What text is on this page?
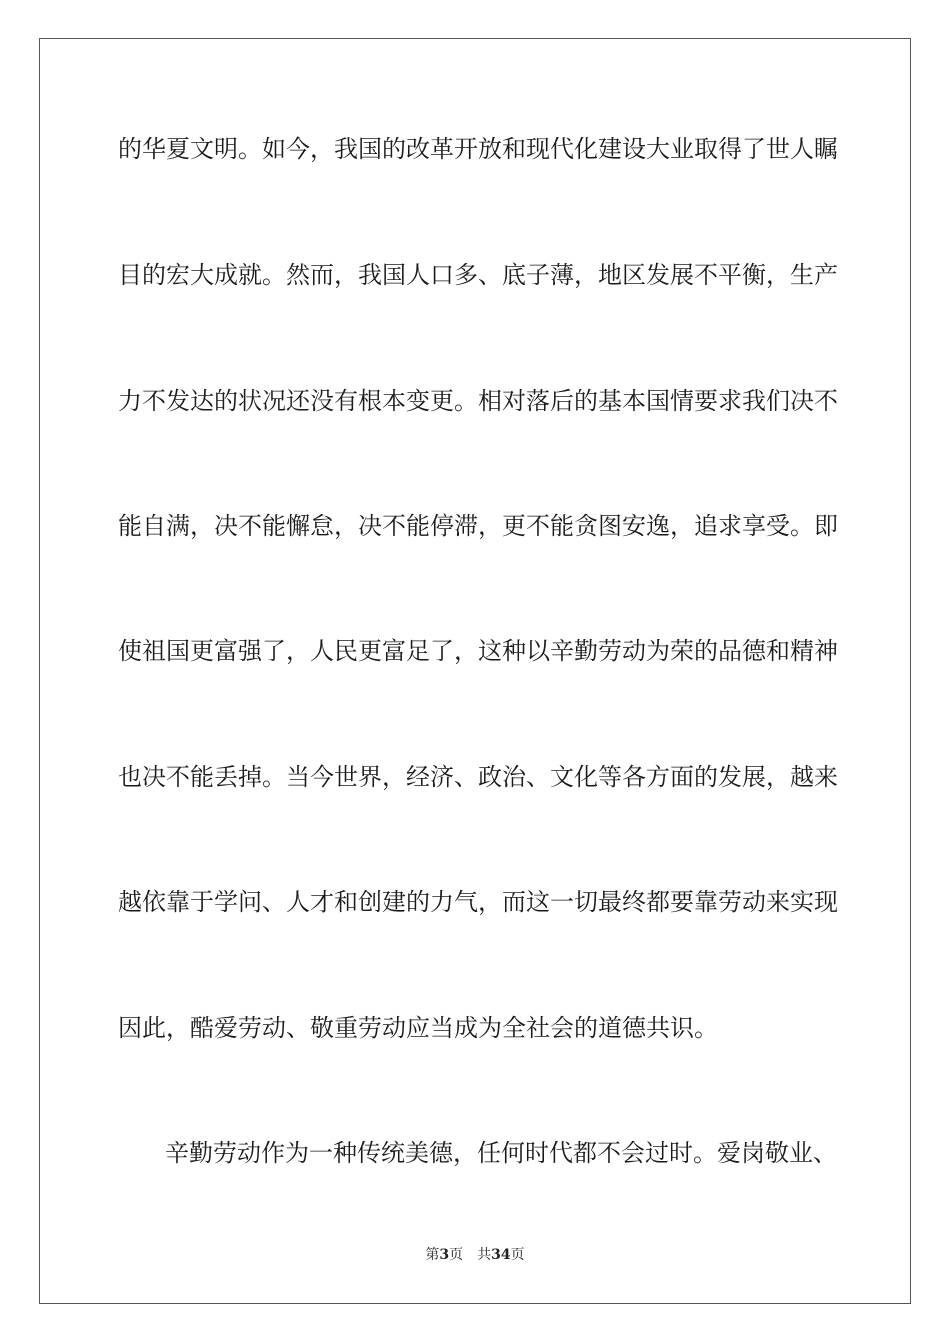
的华夏文明。如今，我国的改革开放和现代化建设大业取得了世人瞩
目的宏大成就。然而，我国人口多、底子薄，地区发展不平衡，生产
力不发达的状况还没有根本变更。相对落后的基本国情要求我们决不
能自满，决不能懈怠，决不能停滞，更不能贪图安逸，追求享受。即
使祖国更富强了，人民更富足了，这种以辛勤劳动为荣的品德和精神
也决不能丢掉。当今世界，经济、政治、文化等各方面的发展，越来
越依靠于学问、人才和创建的力气，而这一切最终都要靠劳动来实现
因此，酷爱劳动、敬重劳动应当成为全社会的道德共识。
辛勤劳动作为一种传统美德，任何时代都不会过时。爱岗敬业、
第3页 共34页
